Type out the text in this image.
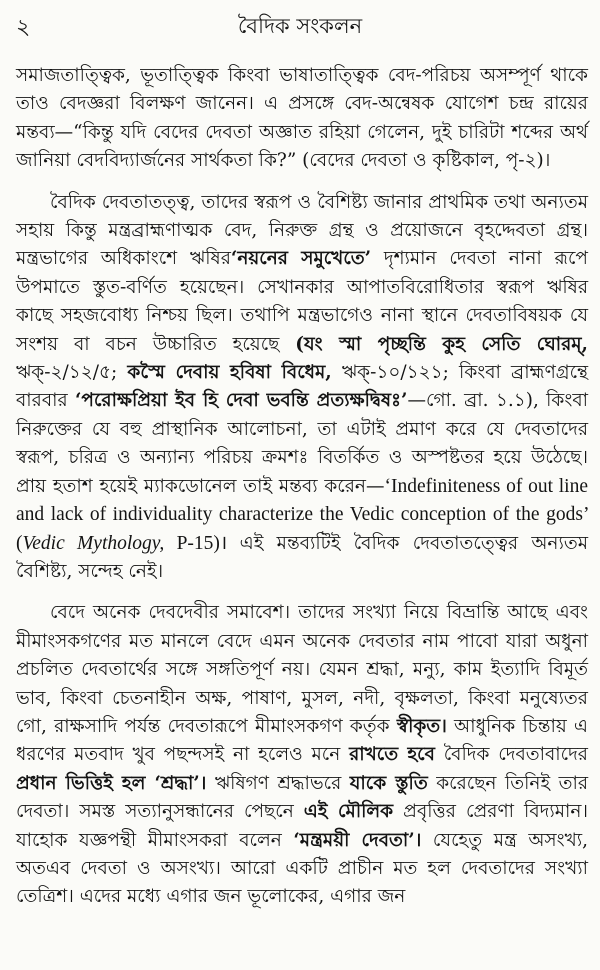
২	বৈদিক সংকলন

সমাজতাত্ত্বিক, ভূতাত্ত্বিক কিংবা ভাষাতাত্ত্বিক বেদ-পরিচয় অসম্পূর্ণ থাকে তাও বেদজ্ঞরা বিলক্ষণ জানেন। এ প্রসঙ্গে বেদ-অন্বেষক যোগেশ চন্দ্র রায়ের মন্তব্য—“কিন্তু যদি বেদের দেবতা অজ্ঞাত রহিয়া গেলেন, দুই চারিটা শব্দের অর্থ জানিয়া বেদবিদ্যার্জনের সার্থকতা কি?” (বেদের দেবতা ও কৃষ্টিকাল, পৃ-২)।

বৈদিক দেবতাতত্ত্ব, তাদের স্বরূপ ও বৈশিষ্ট্য জানার প্রাথমিক তথা অন্যতম সহায় কিন্তু মন্ত্রব্রাহ্মণাত্মক বেদ, নিরুক্ত গ্রন্থ ও প্রয়োজনে বৃহদ্দেবতা গ্রন্থ। মন্ত্রভাগের অধিকাংশে ঋষির‘নয়নের সমুখেতে’ দৃশ্যমান দেবতা নানা রূপে উপমাতে স্তুত-বর্ণিত হয়েছেন। সেখানকার আপাতবিরোধিতার স্বরূপ ঋষির কাছে সহজবোধ্য নিশ্চয় ছিল। তথাপি মন্ত্রভাগেও নানা স্থানে দেবতাবিষয়ক যে সংশয় বা বচন উচ্চারিত হয়েছে (যং স্মা পৃচ্ছন্তি কুহ সেতি ঘোরম্, ঋক্-২/১২/৫; কস্মৈ দেবায় হবিষা বিধেম, ঋক্-১০/১২১; কিংবা ব্রাহ্মণগ্রন্থে বারবার ‘পরোক্ষপ্রিয়া ইব হি দেবা ভবন্তি প্রত্যক্ষদ্বিষঃ’—গো. ব্রা. ১.১), কিংবা নিরুক্তের যে বহু প্রাস্থানিক আলোচনা, তা এটাই প্রমাণ করে যে দেবতাদের স্বরূপ, চরিত্র ও অন্যান্য পরিচয় ক্রমশঃ বিতর্কিত ও অস্পষ্টতর হয়ে উঠেছে। প্রায় হতাশ হয়েই ম্যাকডোনেল তাই মন্তব্য করেন—‘Indefiniteness of out line and lack of individuality characterize the Vedic conception of the gods’ (Vedic Mythology, P-15)। এই মন্তব্যটিই বৈদিক দেবতাতত্ত্বের অন্যতম বৈশিষ্ট্য, সন্দেহ নেই।

বেদে অনেক দেবদেবীর সমাবেশ। তাদের সংখ্যা নিয়ে বিভ্রান্তি আছে এবং মীমাংসকগণের মত মানলে বেদে এমন অনেক দেবতার নাম পাবো যারা অধুনা প্রচলিত দেবতার্থের সঙ্গে সঙ্গতিপূর্ণ নয়। যেমন শ্রদ্ধা, মন্যু, কাম ইত্যাদি বিমূর্ত ভাব, কিংবা চেতনাহীন অক্ষ, পাষাণ, মুসল, নদী, বৃক্ষলতা, কিংবা মনুষ্যেতর গো, রাক্ষসাদি পর্যন্ত দেবতারূপে মীমাংসকগণ কর্তৃক স্বীকৃত। আধুনিক চিন্তায় এ ধরণের মতবাদ খুব পছন্দসই না হলেও মনে রাখতে হবে বৈদিক দেবতাবাদের প্রধান ভিত্তিই হল ‘শ্রদ্ধা’। ঋষিগণ শ্রদ্ধাভরে যাকে স্তুতি করেছেন তিনিই তার দেবতা। সমস্ত সত্যানুসন্ধানের পেছনে এই মৌলিক প্রবৃত্তির প্রেরণা বিদ্যমান। যাহোক যজ্ঞপন্থী মীমাংসকরা বলেন ‘মন্ত্রময়ী দেবতা’। যেহেতু মন্ত্র অসংখ্য, অতএব দেবতা ও অসংখ্য। আরো একটি প্রাচীন মত হল দেবতাদের সংখ্যা তেত্রিশ। এদের মধ্যে এগার জন ভূলোকের, এগার জন
